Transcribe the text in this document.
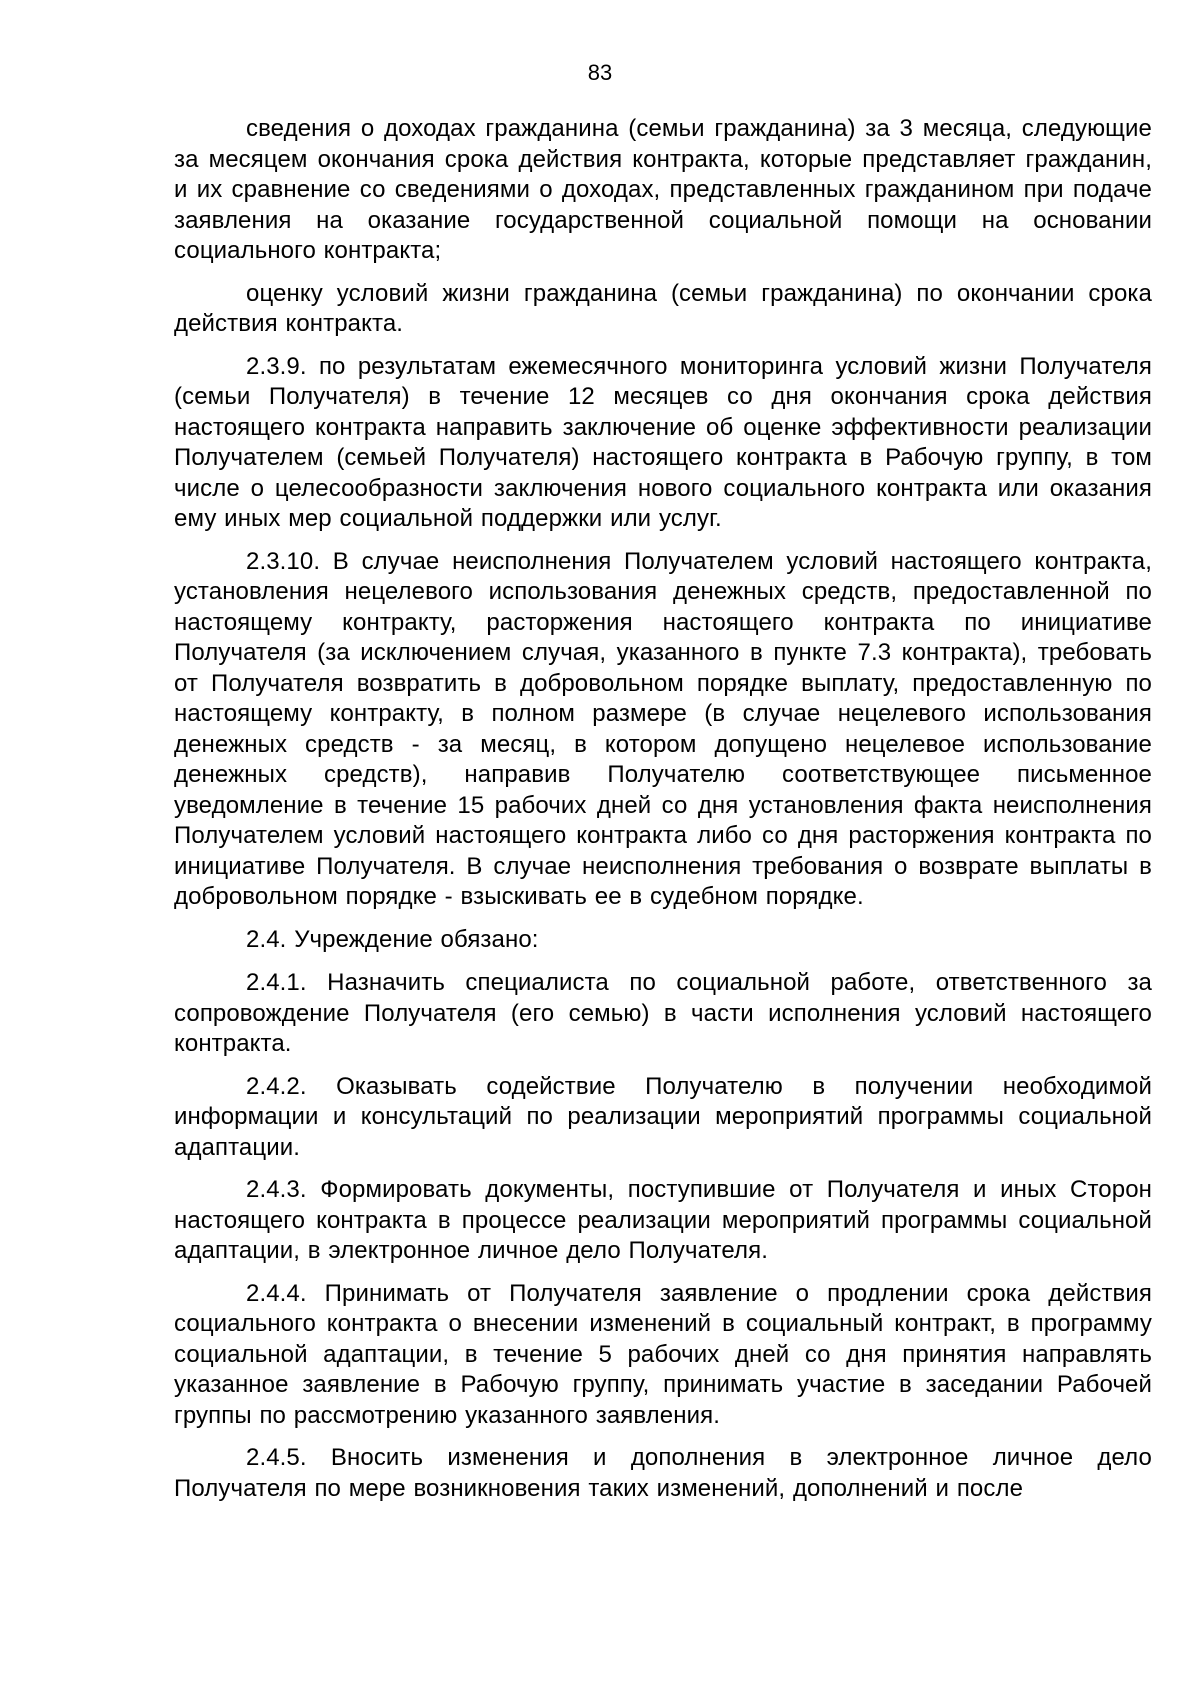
83

сведения о доходах гражданина (семьи гражданина) за 3 месяца, следующие за месяцем окончания срока действия контракта, которые представляет гражданин, и их сравнение со сведениями о доходах, представленных гражданином при подаче заявления на оказание государственной социальной помощи на основании социального контракта;

оценку условий жизни гражданина (семьи гражданина) по окончании срока действия контракта.

2.3.9. по результатам ежемесячного мониторинга условий жизни Получателя (семьи Получателя) в течение 12 месяцев со дня окончания срока действия настоящего контракта направить заключение об оценке эффективности реализации Получателем (семьей Получателя) настоящего контракта в Рабочую группу, в том числе о целесообразности заключения нового социального контракта или оказания ему иных мер социальной поддержки или услуг.

2.3.10. В случае неисполнения Получателем условий настоящего контракта, установления нецелевого использования денежных средств, предоставленной по настоящему контракту, расторжения настоящего контракта по инициативе Получателя (за исключением случая, указанного в пункте 7.3 контракта), требовать от Получателя возвратить в добровольном порядке выплату, предоставленную по настоящему контракту, в полном размере (в случае нецелевого использования денежных средств - за месяц, в котором допущено нецелевое использование денежных средств), направив Получателю соответствующее письменное уведомление в течение 15 рабочих дней со дня установления факта неисполнения Получателем условий настоящего контракта либо со дня расторжения контракта по инициативе Получателя. В случае неисполнения требования о возврате выплаты в добровольном порядке - взыскивать ее в судебном порядке.

2.4. Учреждение обязано:

2.4.1. Назначить специалиста по социальной работе, ответственного за сопровождение Получателя (его семью) в части исполнения условий настоящего контракта.

2.4.2. Оказывать содействие Получателю в получении необходимой информации и консультаций по реализации мероприятий программы социальной адаптации.

2.4.3. Формировать документы, поступившие от Получателя и иных Сторон настоящего контракта в процессе реализации мероприятий программы социальной адаптации, в электронное личное дело Получателя.

2.4.4. Принимать от Получателя заявление о продлении срока действия социального контракта о внесении изменений в социальный контракт, в программу социальной адаптации, в течение 5 рабочих дней со дня принятия направлять указанное заявление в Рабочую группу, принимать участие в заседании Рабочей группы по рассмотрению указанного заявления.

2.4.5. Вносить изменения и дополнения в электронное личное дело Получателя по мере возникновения таких изменений, дополнений и после
